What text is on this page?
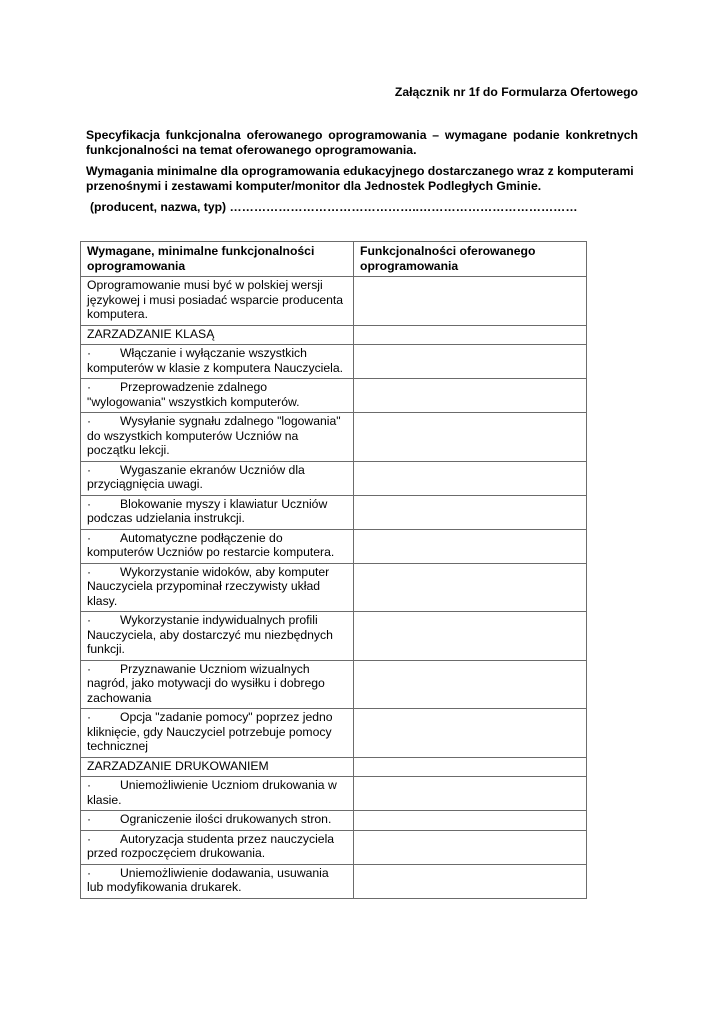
Załącznik nr 1f do Formularza Ofertowego

Specyfikacja funkcjonalna oferowanego oprogramowania – wymagane podanie konkretnych funkcjonalności na temat oferowanego oprogramowania.

Wymagania minimalne dla oprogramowania edukacyjnego dostarczanego wraz z komputerami przenośnymi i zestawami komputer/monitor dla Jednostek Podległych Gminie.

(producent, nazwa, typ) ………………………………………..…………………………………

Wymagane, minimalne funkcjonalności oprogramowania	Funkcjonalności oferowanego oprogramowania
Oprogramowanie musi być w polskiej wersji językowej i musi posiadać wsparcie producenta komputera.	
ZARZADZANIE KLASĄ	
· Włączanie i wyłączanie wszystkich komputerów w klasie z komputera Nauczyciela.	
· Przeprowadzenie zdalnego "wylogowania" wszystkich komputerów.	
· Wysyłanie sygnału zdalnego "logowania" do wszystkich komputerów Uczniów na początku lekcji.	
· Wygaszanie ekranów Uczniów dla przyciągnięcia uwagi.	
· Blokowanie myszy i klawiatur Uczniów podczas udzielania instrukcji.	
· Automatyczne podłączenie do komputerów Uczniów po restarcie komputera.	
· Wykorzystanie widoków, aby komputer Nauczyciela przypominał rzeczywisty układ klasy.	
· Wykorzystanie indywidualnych profili Nauczyciela, aby dostarczyć mu niezbędnych funkcji.	
· Przyznawanie Uczniom wizualnych nagród, jako motywacji do wysiłku i dobrego zachowania	
· Opcja "zadanie pomocy" poprzez jedno kliknięcie, gdy Nauczyciel potrzebuje pomocy technicznej	
ZARZADZANIE DRUKOWANIEM	
· Uniemożliwienie Uczniom drukowania w klasie.	
· Ograniczenie ilości drukowanych stron.	
· Autoryzacja studenta przez nauczyciela przed rozpoczęciem drukowania.	
· Uniemożliwienie dodawania, usuwania lub modyfikowania drukarek.	
